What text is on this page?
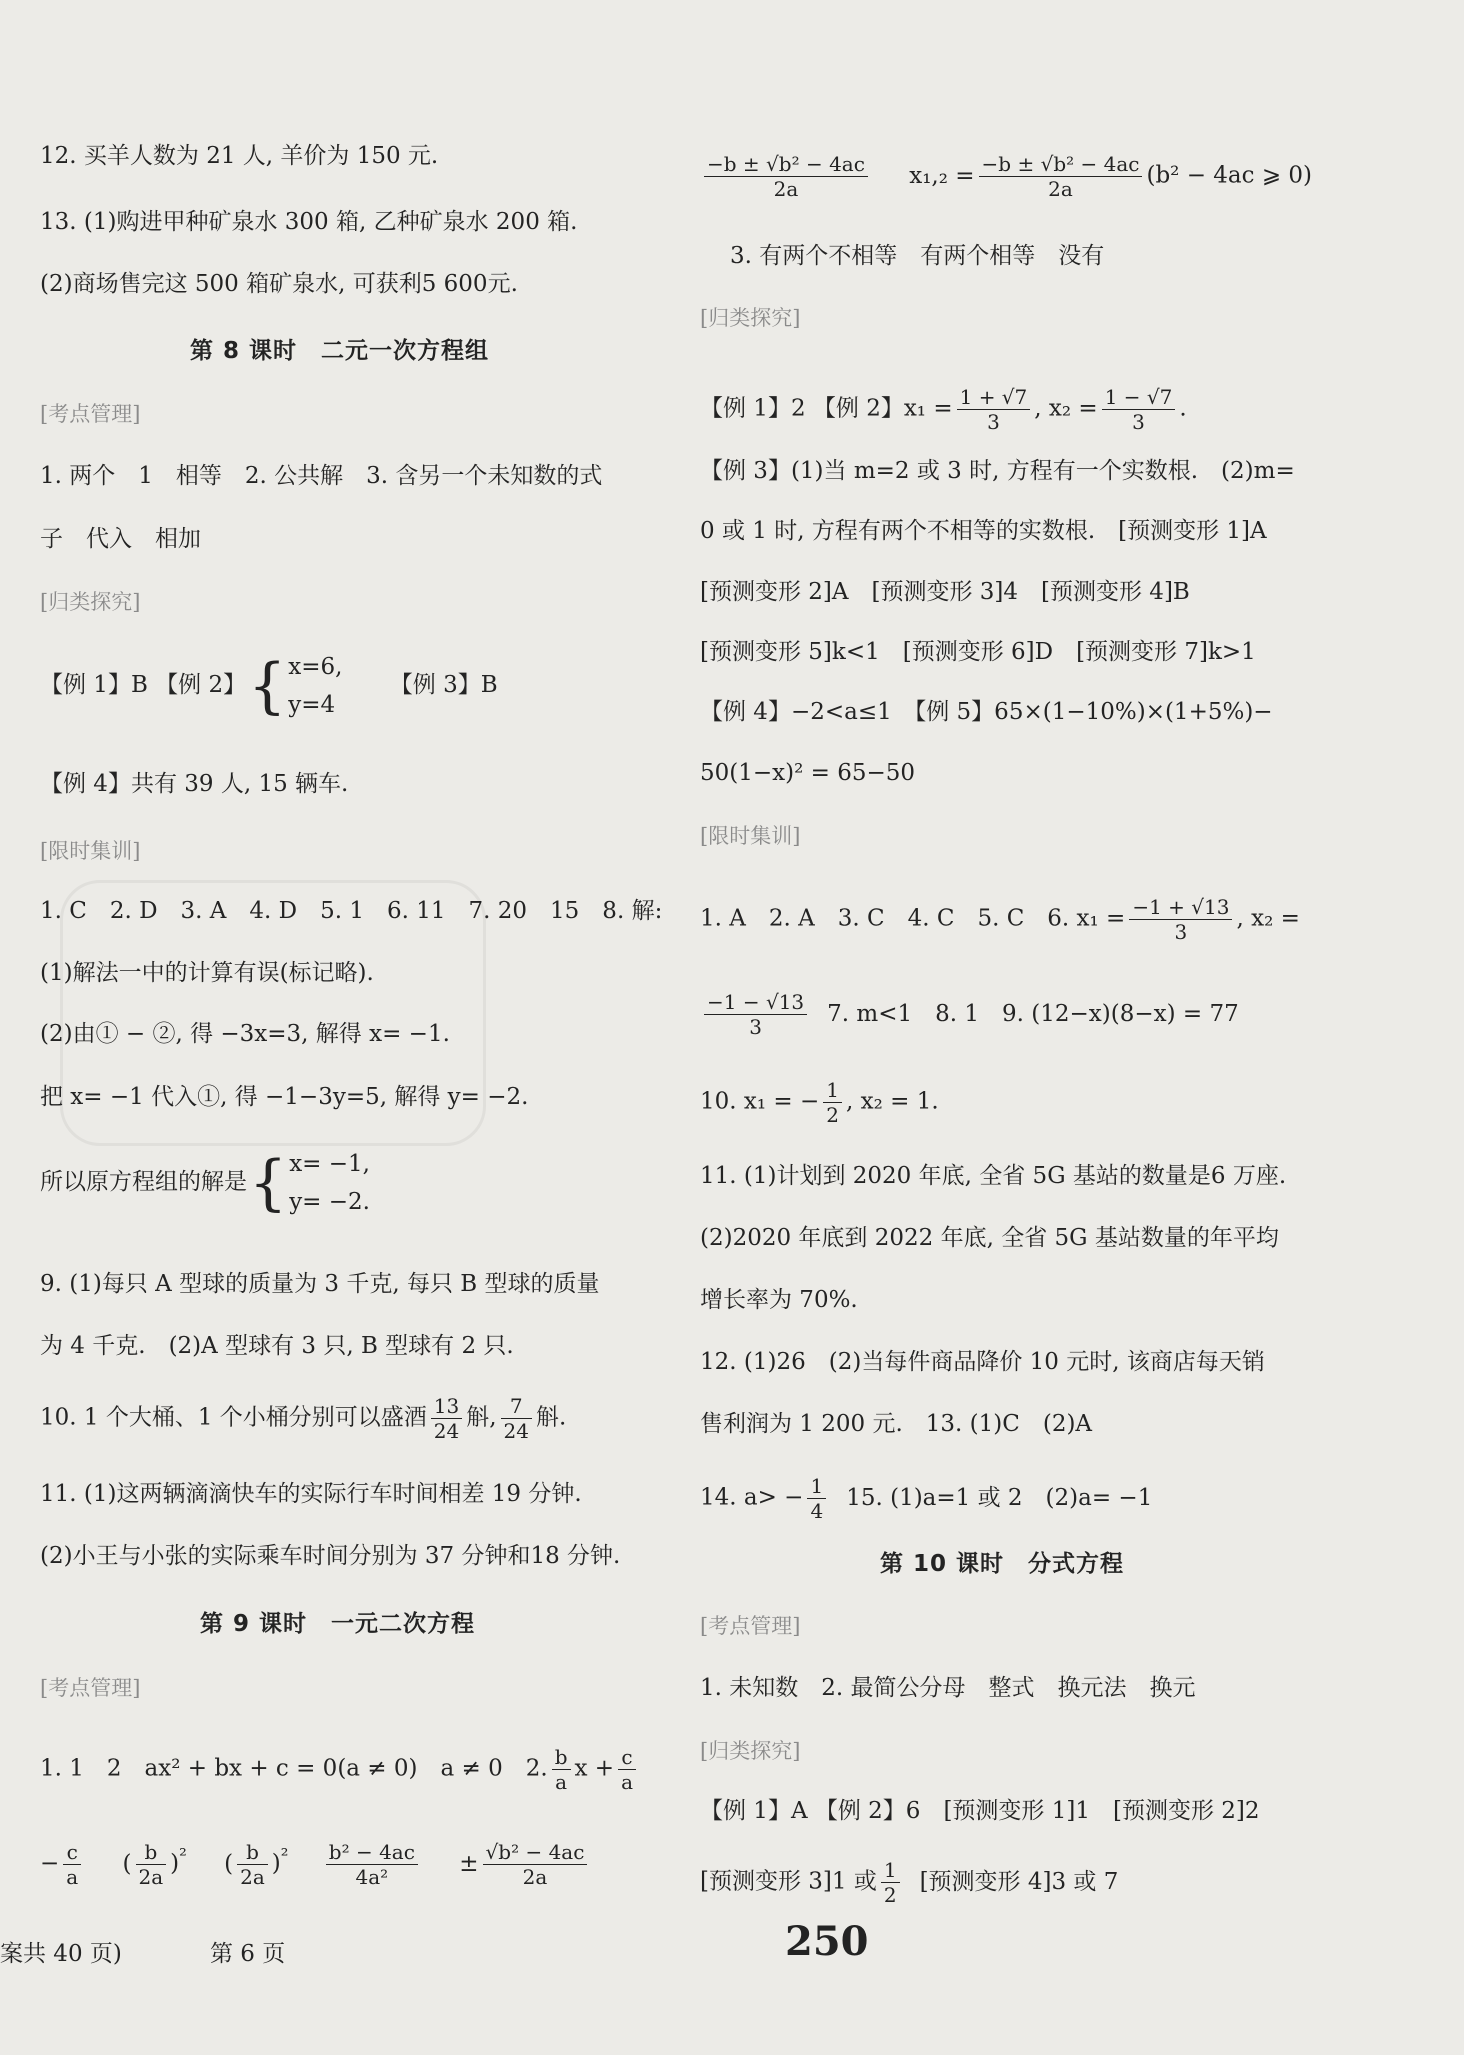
12. 买羊人数为 21 人, 羊价为 150 元.
13. (1)购进甲种矿泉水 300 箱, 乙种矿泉水 200 箱.
(2)商场售完这 500 箱矿泉水, 可获利5 600元.
第 8 课时　二元一次方程组
[考点管理]
1. 两个　1　相等　2. 公共解　3. 含另一个未知数的式
子　代入　相加
[归类探究]
【例 1】B 【例 2】{x=6,
y=4 【例 3】B
【例 4】共有 39 人, 15 辆车.
[限时集训]
1. C　2. D　3. A　4. D　5. 1　6. 11　7. 20　15　8. 解:
(1)解法一中的计算有误(标记略).
(2)由① − ②, 得 −3x=3, 解得 x= −1.
把 x= −1 代入①, 得 −1−3y=5, 解得 y= −2.
所以原方程组的解是{x= −1,
y= −2.
9. (1)每只 A 型球的质量为 3 千克, 每只 B 型球的质量
为 4 千克.　(2)A 型球有 3 只, B 型球有 2 只.
10. 1 个大桶、1 个小桶分别可以盛酒 $\frac{13}{24}$ 斛, $\frac{7}{24}$ 斛.
11. (1)这两辆滴滴快车的实际行车时间相差 19 分钟.
(2)小王与小张的实际乘车时间分别为 37 分钟和18 分钟.
第 9 课时　一元二次方程
[考点管理]
1. 1　2　ax² + bx + c = 0(a ≠ 0)　a ≠ 0　2. $\frac{b}{a}$ $x + \frac{c}{a}$
− $\frac{c}{a}$ ( $\frac{b}{2a} )^{^2}$ ( $\frac{b}{2a} )^{^2} \frac{\text{b² − 4ac}}{\text{4a²}} \pm \frac{\text{√b² − 4ac}}{2a}$
案共 40 页)	第 6 页	250
$\frac{\text{−b ± √b² − 4ac}}{2a} x_1,_2 = \frac{\text{−b ± √b² − 4ac}}{2a} (b^2 - 4ac$ ⩾ 0)
3. 有两个不相等　有两个相等　没有
[归类探究]
【例 1】2 【例 2】$x_1 = \frac{1 + √7}{3}$ , $x_2 = \frac{1 - √7}{3}$ .
【例 3】(1)当 m=2 或 3 时, 方程有一个实数根.　(2)m=
0 或 1 时, 方程有两个不相等的实数根.　[预测变形 1]A
[预测变形 2]A　[预测变形 3]4　[预测变形 4]B
[预测变形 5]k<1　[预测变形 6]D　[预测变形 7]k>1
【例 4】−2<a≤1　【例 5】65×(1−10%)×(1+5%)−
50(1−x)² = 65−50
[限时集训]
1. A　2. A　3. C　4. C　5. C　6. $x_1 = \frac{-1 + √13}{3}$ , x₂ =
$\frac{-1 - √13}{3} 7$. m<1　8. 1　9. (12−x)(8−x) = 77
10. x₁ = − $\frac{1}{2}$ , x₂ = 1.
11. (1)计划到 2020 年底, 全省 5G 基站的数量是6 万座.
(2)2020 年底到 2022 年底, 全省 5G 基站数量的年平均
增长率为 70%.
12. (1)26　(2)当每件商品降价 10 元时, 该商店每天销
售利润为 1 200 元.　13. (1)C　(2)A
14. $a> - \frac{1}{4} 15$. (1)a=1 或 2　(2)a= −1
第 10 课时　分式方程
[考点管理]
1. 未知数　2. 最简公分母　整式　换元法　换元
[归类探究]
【例 1】A 【例 2】6　[预测变形 1]1　[预测变形 2]2
[预测变形 3]1 或 $\frac{1}{2}$ [预测变形 4]3 或 7
